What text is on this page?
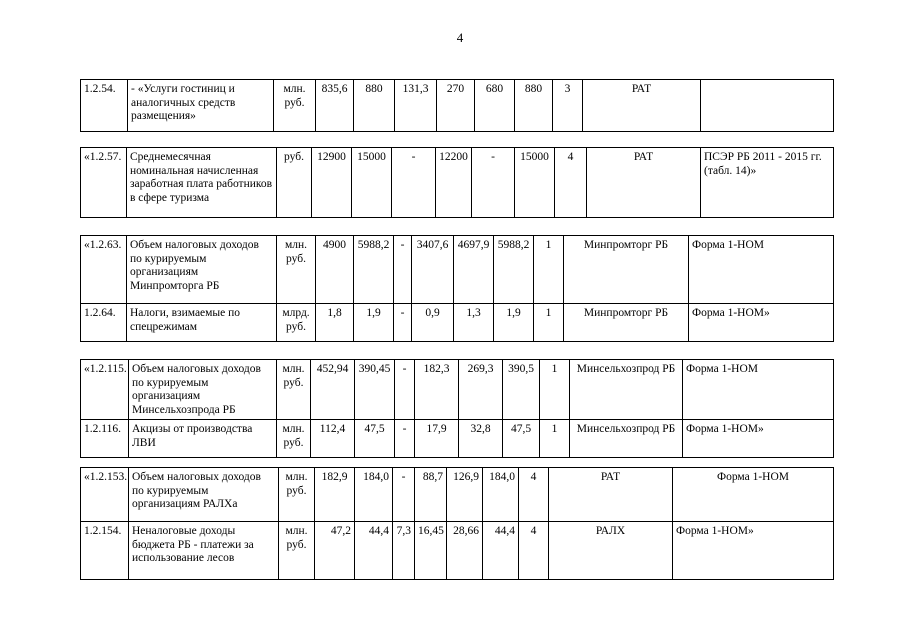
4
1.2.54.	- «Услуги гостиниц и аналогичных средств размещения»	млн. руб.	835,6	880	131,3	270	680	880	3	РАТ	
«1.2.57.	Среднемесячная номинальная начисленная заработная плата работников в сфере туризма	руб.	12900	15000	-	12200	-	15000	4	РАТ	ПСЭР РБ 2011 - 2015 гг. (табл. 14)»
«1.2.63.	Объем налоговых доходов по курируемым организациям Минпромторга РБ	млн. руб.	4900	5988,2	-	3407,6	4697,9	5988,2	1	Минпромторг РБ	Форма 1-НОМ
1.2.64.	Налоги, взимаемые по спецрежимам	млрд. руб.	1,8	1,9	-	0,9	1,3	1,9	1	Минпромторг РБ	Форма 1-НОМ»
«1.2.115.	Объем налоговых доходов по курируемым организациям Минсельхозпрода РБ	млн. руб.	452,94	390,45	-	182,3	269,3	390,5	1	Минсельхозпрод РБ	Форма 1-НОМ
1.2.116.	Акцизы от производства ЛВИ	млн. руб.	112,4	47,5	-	17,9	32,8	47,5	1	Минсельхозпрод РБ	Форма 1-НОМ»
«1.2.153.	Объем налоговых доходов по курируемым организациям РАЛХа	млн. руб.	182,9	184,0	-	88,7	126,9	184,0	4	РАТ	Форма 1-НОМ
1.2.154.	Неналоговые доходы бюджета РБ - платежи за использование лесов	млн. руб.	47,2	44,4	7,3	16,45	28,66	44,4	4	РАЛХ	Форма 1-НОМ»
